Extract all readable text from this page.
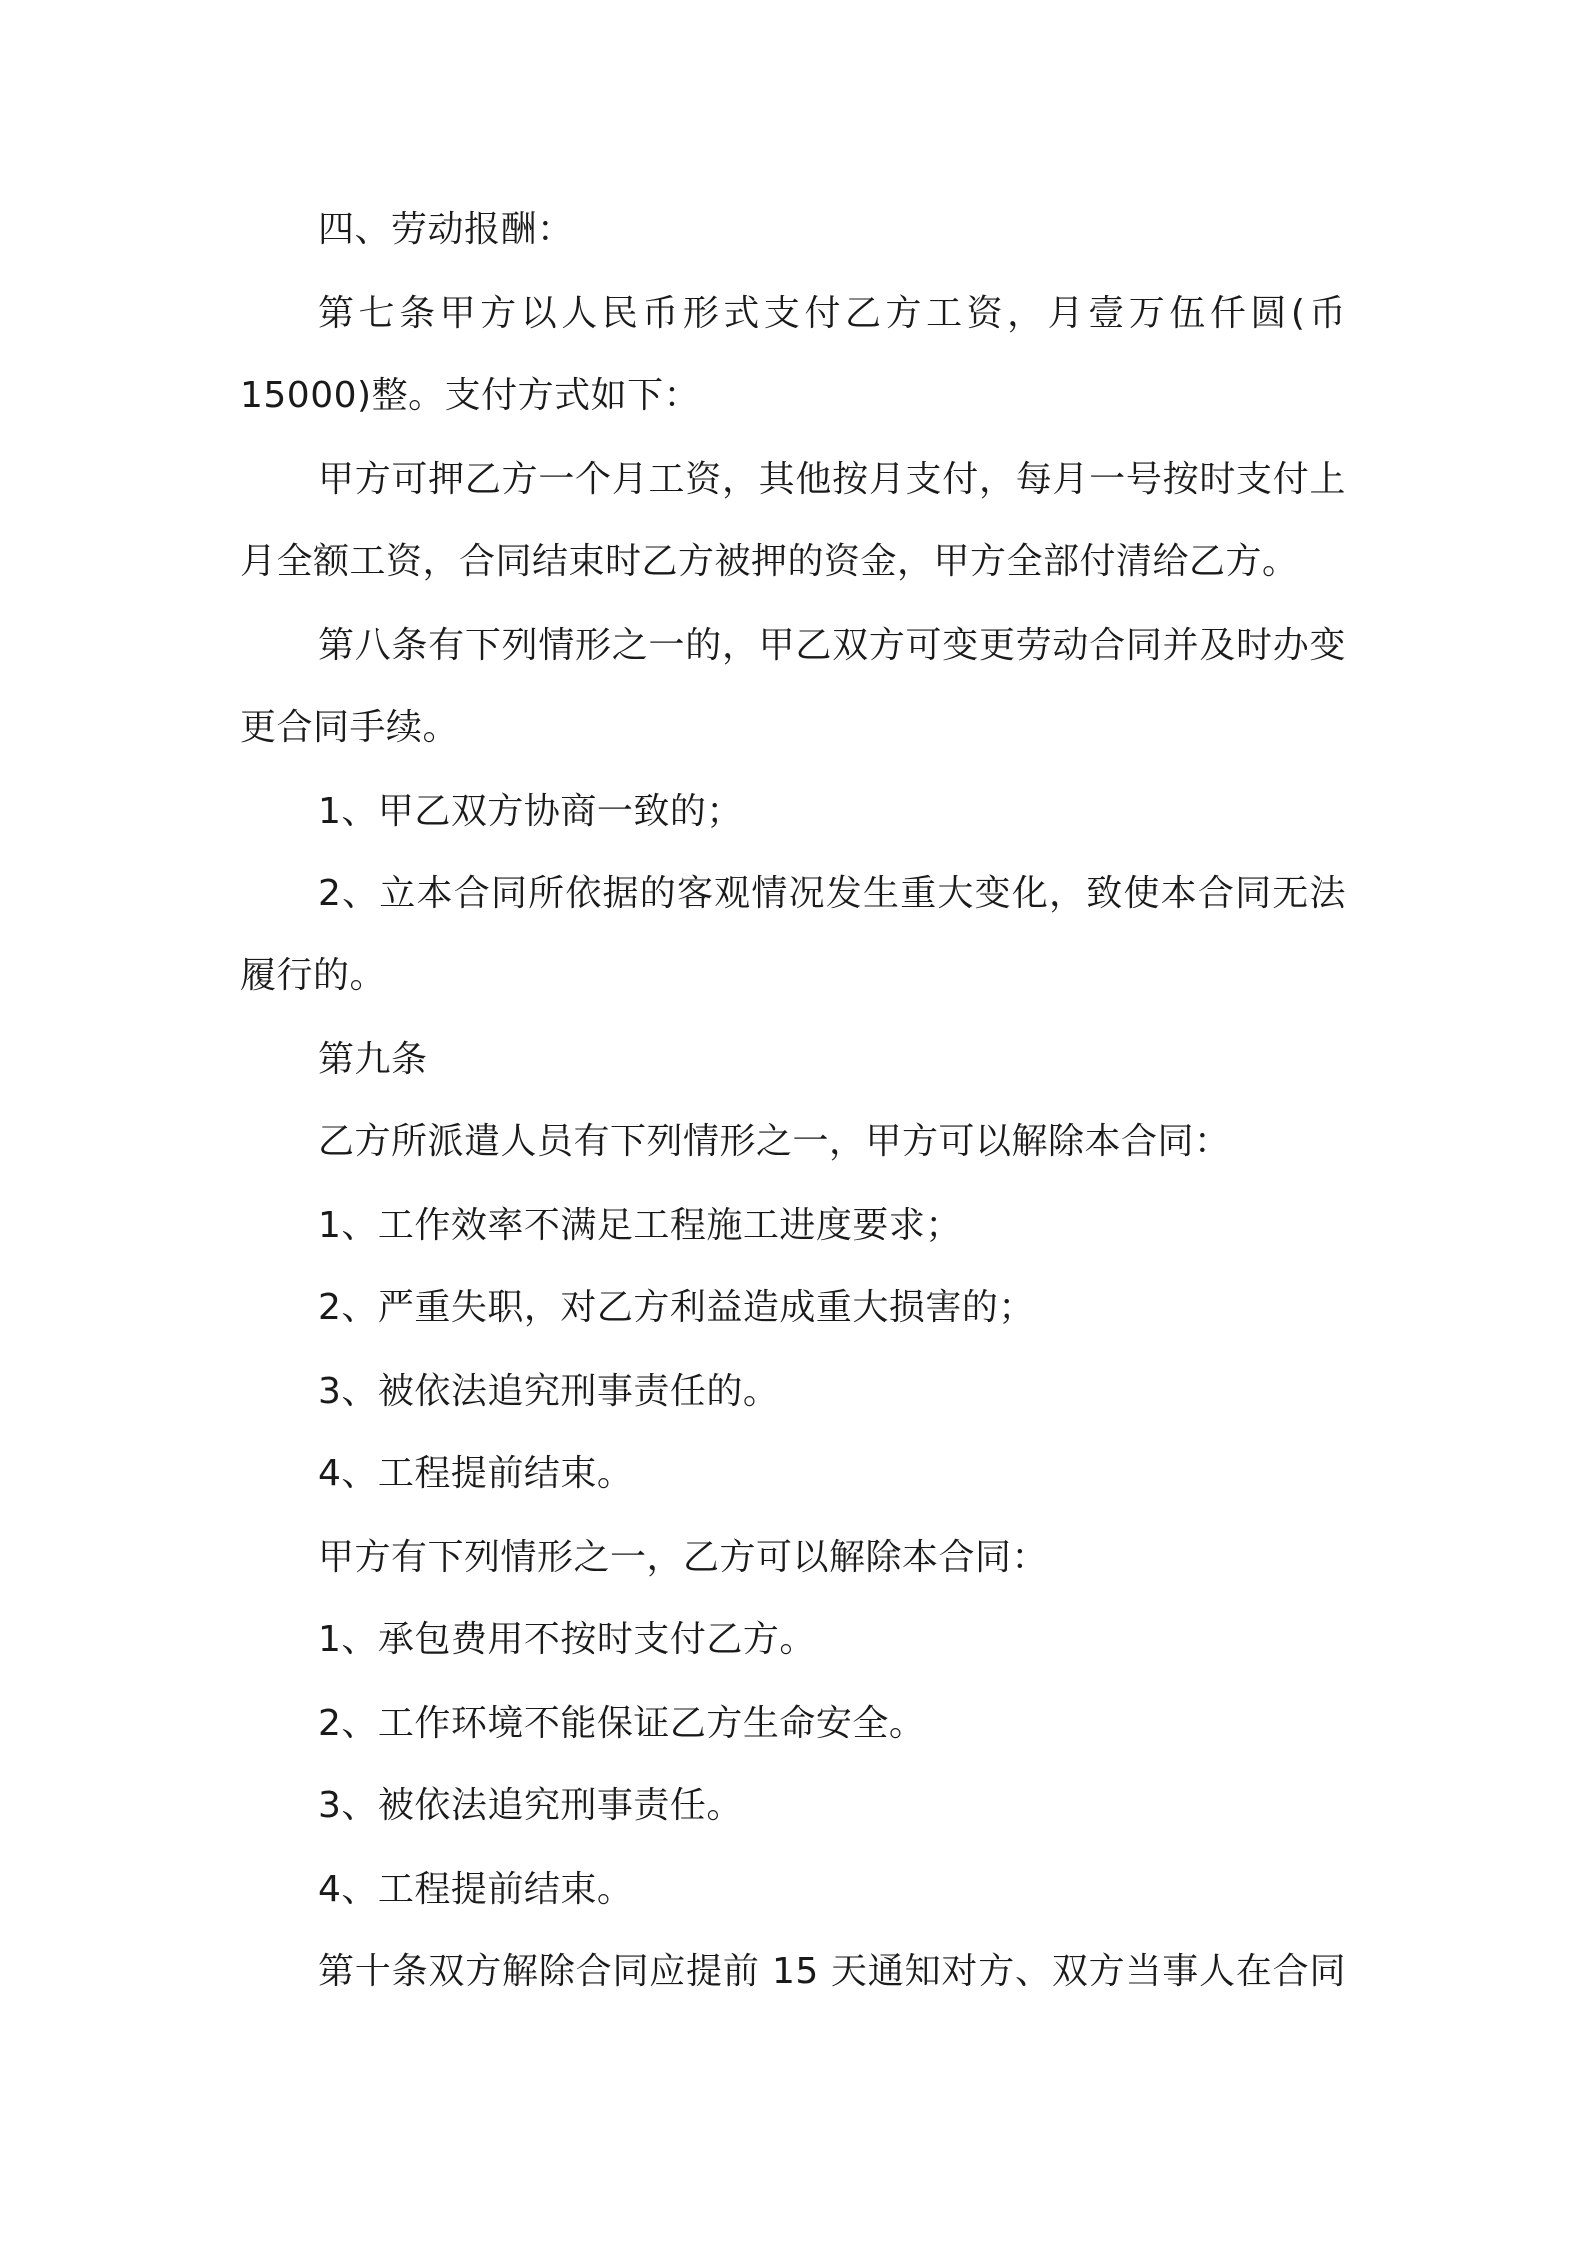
四、劳动报酬：
第七条甲方以人民币形式支付乙方工资，月壹万伍仟圆(币
15000)整。支付方式如下：
甲方可押乙方一个月工资，其他按月支付，每月一号按时支付上
月全额工资，合同结束时乙方被押的资金，甲方全部付清给乙方。
第八条有下列情形之一的，甲乙双方可变更劳动合同并及时办变
更合同手续。
1、甲乙双方协商一致的；
2、立本合同所依据的客观情况发生重大变化，致使本合同无法
履行的。
第九条
乙方所派遣人员有下列情形之一，甲方可以解除本合同：
1、工作效率不满足工程施工进度要求；
2、严重失职，对乙方利益造成重大损害的；
3、被依法追究刑事责任的。
4、工程提前结束。
甲方有下列情形之一，乙方可以解除本合同：
1、承包费用不按时支付乙方。
2、工作环境不能保证乙方生命安全。
3、被依法追究刑事责任。
4、工程提前结束。
第十条双方解除合同应提前 15 天通知对方、双方当事人在合同
